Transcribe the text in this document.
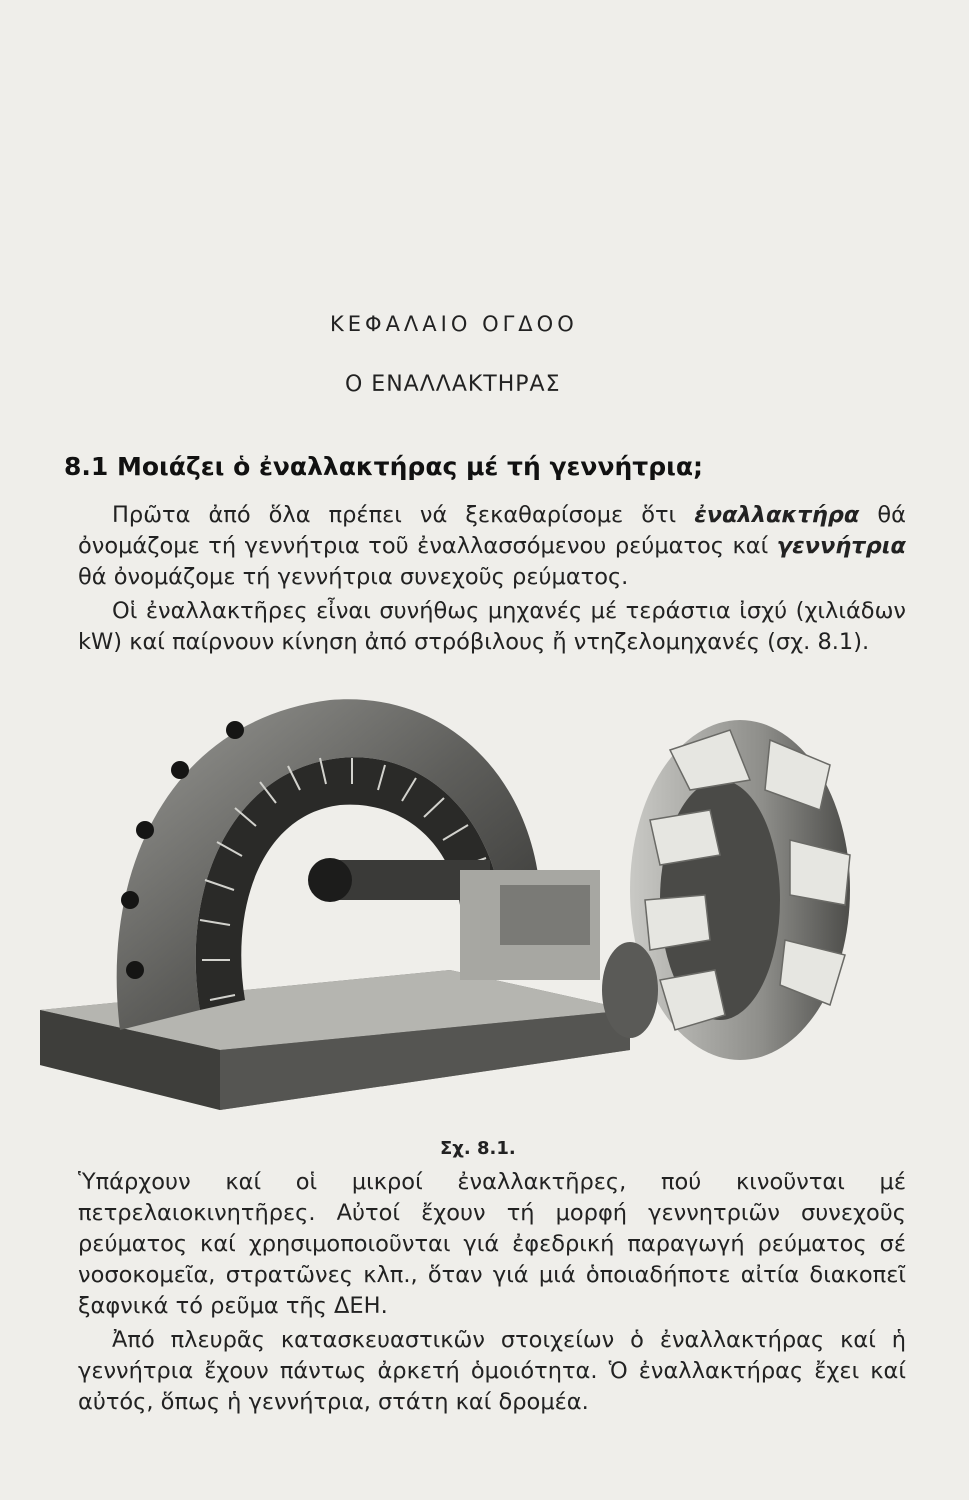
ΚΕΦΑΛΑΙΟ ΟΓΔΟΟ
Ο ΕΝΑΛΛΑΚΤΗΡΑΣ
8.1 Μοιάζει ὁ ἐναλλακτήρας μέ τή γεννήτρια;
Πρῶτα ἀπό ὅλα πρέπει νά ξεκαθαρίσομε ὅτι ἐναλλακτήρα θά ὀνομάζομε τή γεννήτρια τοῦ ἐναλλασσόμενου ρεύματος καί γεννήτρια θά ὀνομάζομε τή γεννήτρια συνεχοῦς ρεύματος.
Οἱ ἐναλλακτῆρες εἶναι συνήθως μηχανές μέ τεράστια ἰσχύ (χιλιάδων kW) καί παίρνουν κίνηση ἀπό στρόβιλους ἤ ντηζελομηχανές (σχ. 8.1).
Σχ. 8.1.
Ὑπάρχουν καί οἱ μικροί ἐναλλακτῆρες, πού κινοῦνται μέ πετρελαιοκινητῆρες. Αὐτοί ἔχουν τή μορφή γεννητριῶν συνεχοῦς ρεύματος καί χρησιμοποιοῦνται γιά ἐφεδρική παραγωγή ρεύματος σέ νοσοκομεῖα, στρατῶνες κλπ., ὅταν γιά μιά ὁποιαδήποτε αἰτία διακοπεῖ ξαφνικά τό ρεῦμα τῆς ΔΕΗ.
Ἀπό πλευρᾶς κατασκευαστικῶν στοιχείων ὁ ἐναλλακτήρας καί ἡ γεννήτρια ἔχουν πάντως ἀρκετή ὁμοιότητα. Ὁ ἐναλλακτήρας ἔχει καί αὐτός, ὅπως ἡ γεννήτρια, στάτη καί δρομέα.
